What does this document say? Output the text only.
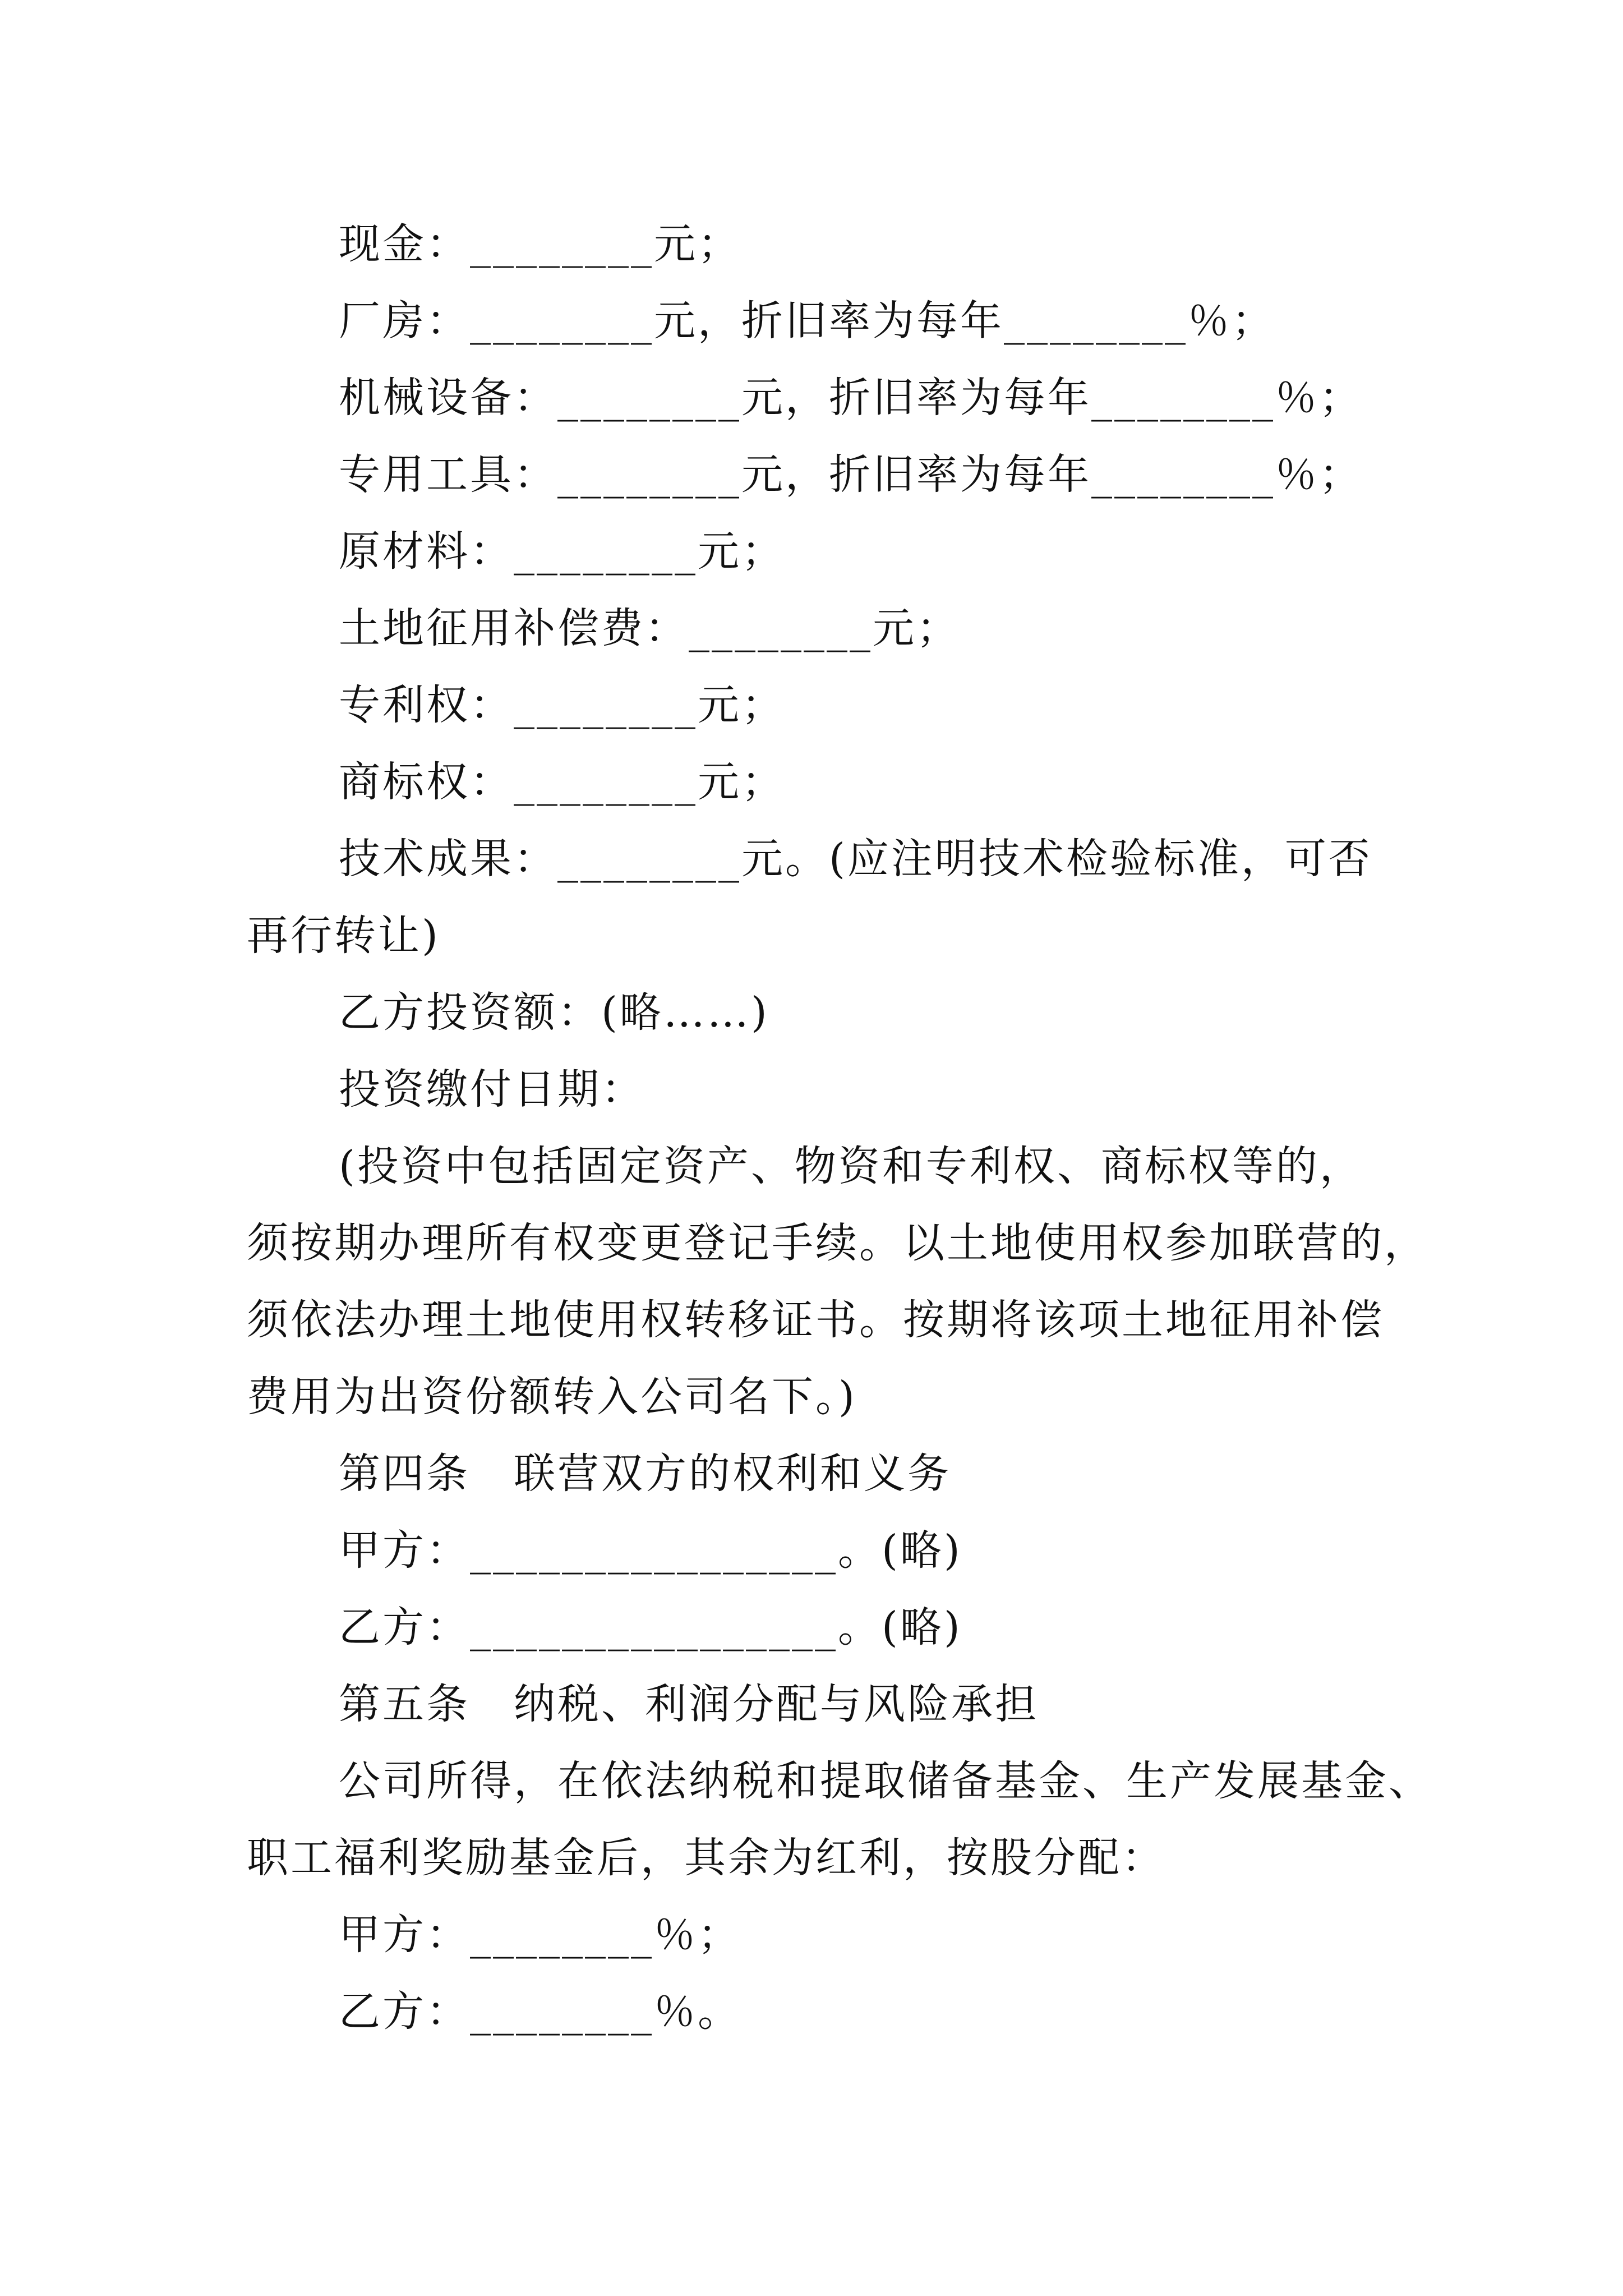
现金：________元；
厂房：________元，折旧率为每年________％；
机械设备：________元，折旧率为每年________％；
专用工具：________元，折旧率为每年________％；
原材料：________元；
土地征用补偿费：________元；
专利权：________元；
商标权：________元；
技术成果：________元。(应注明技术检验标准，可否
再行转让)
乙方投资额：(略……)
投资缴付日期：
(投资中包括固定资产、物资和专利权、商标权等的，
须按期办理所有权变更登记手续。以土地使用权参加联营的，
须依法办理土地使用权转移证书。按期将该项土地征用补偿
费用为出资份额转入公司名下。)
第四条　联营双方的权利和义务
甲方：________________。(略)
乙方：________________。(略)
第五条　纳税、利润分配与风险承担
公司所得，在依法纳税和提取储备基金、生产发展基金、
职工福利奖励基金后，其余为红利，按股分配：
甲方：________％；
乙方：________％。
